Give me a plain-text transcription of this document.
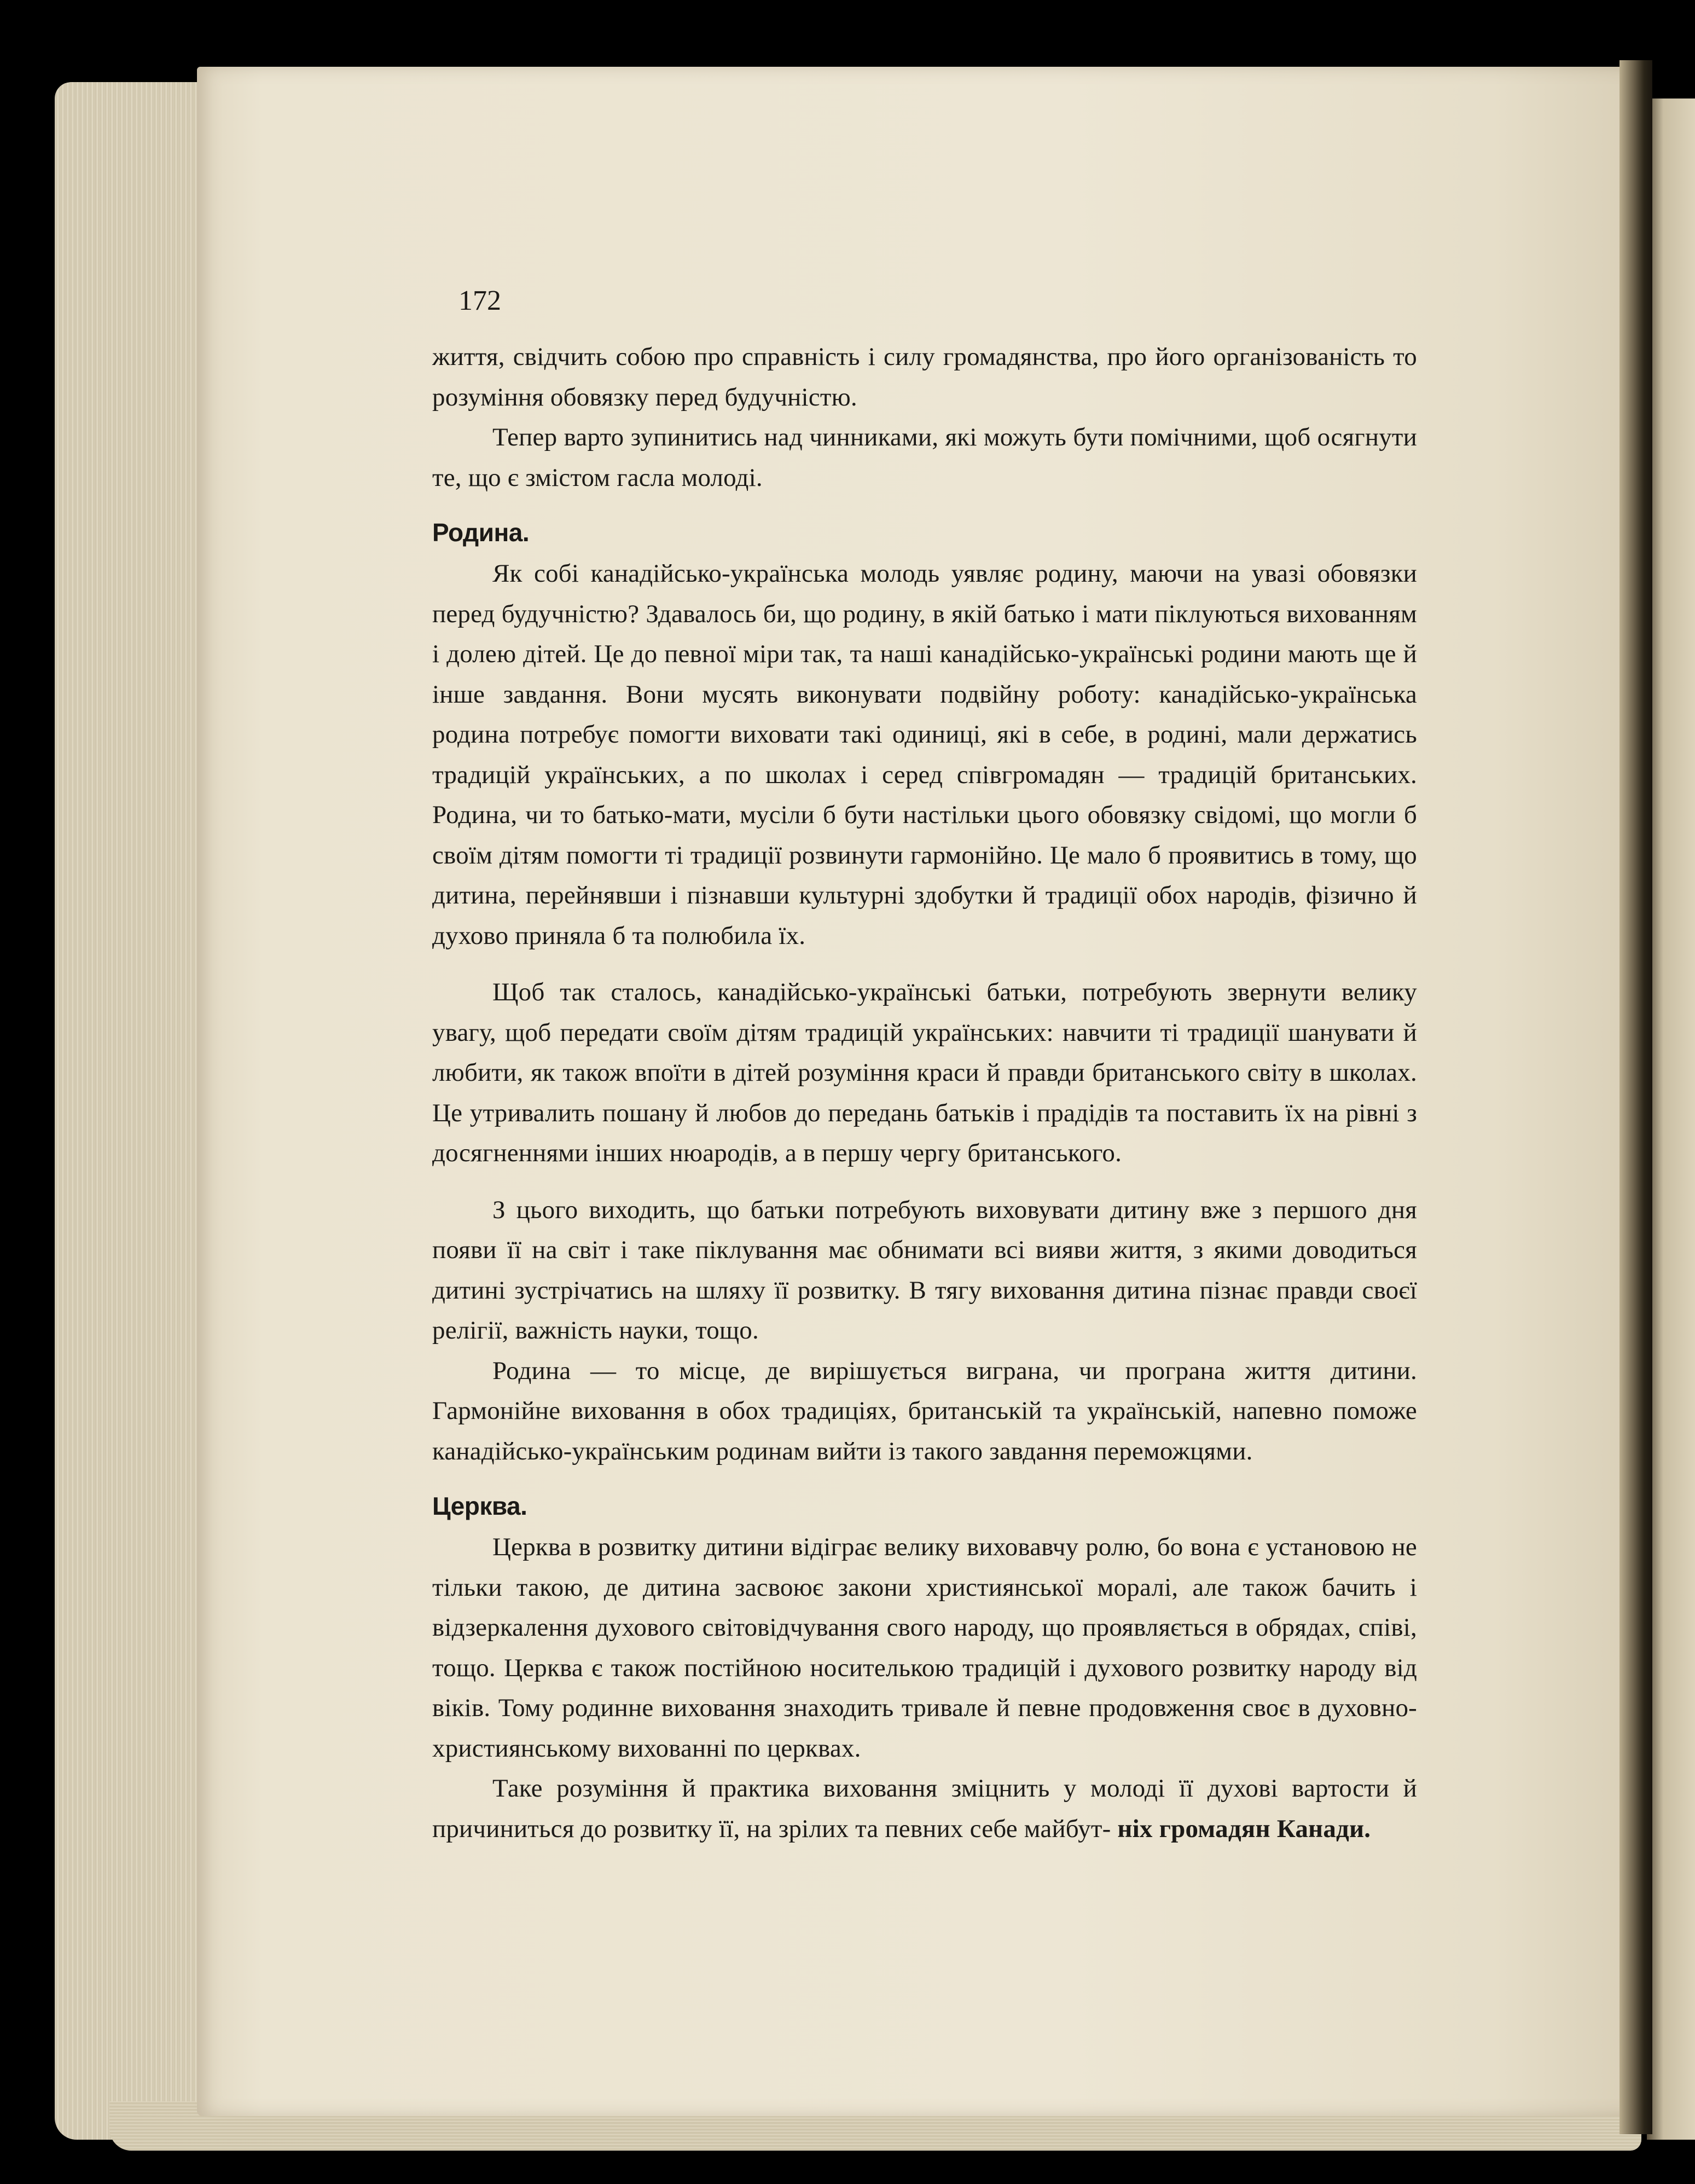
172

життя, свідчить собою про справність і силу громадянства, про його організованість то розуміння обовязку перед будучністю.

Тепер варто зупинитись над чинниками, які можуть бути помічними, щоб осягнути те, що є змістом гасла молоді.

Родина.

Як собі канадійсько-українська молодь уявляє родину, маючи на увазі обовязки перед будучністю? Здавалось би, що родину, в якій батько і мати піклуються вихованням і долею дітей. Це до певної міри так, та наші канадійсько-українські родини мають ще й інше завдання. Вони мусять виконувати подвійну роботу: канадійсько-українська родина потребує помогти виховати такі одиниці, які в себе, в родині, мали держатись традицій українських, а по школах і серед співгромадян — традицій британських. Родина, чи то батько-мати, мусіли б бути настільки цього обовязку свідомі, що могли б своїм дітям помогти ті традиції розвинути гармонійно. Це мало б проявитись в тому, що дитина, перейнявши і пізнавши культурні здобутки й традиції обох народів, фізично й духово приняла б та полюбила їх.

Щоб так сталось, канадійсько-українські батьки, потребують звернути велику увагу, щоб передати своїм дітям традицій українських: навчити ті традиції шанувати й любити, як також впоїти в дітей розуміння краси й правди британського світу в школах. Це утривалить пошану й любов до передань батьків і прадідів та поставить їх на рівні з досягненнями інших нюародів, а в першу чергу британського.

З цього виходить, що батьки потребують виховувати дитину вже з першого дня появи її на світ і таке піклування має обнимати всі вияви життя, з якими доводиться дитині зустрічатись на шляху її розвитку. В тягу виховання дитина пізнає правди своєї релігії, важність науки, тощо.

Родина — то місце, де вирішується вигрaна, чи програна життя дитини. Гармонійне виховання в обох традиціях, британській та українській, напевно поможе канадійсько-українським родинам вийти із такого завдання переможцями.

Церква.

Церква в розвитку дитини відіграє велику виховавчу ролю, бо вона є установою не тільки такою, де дитина засвоює закони християнської моралі, але також бачить і відзеркалення духового світовідчування свого народу, що проявляється в обрядах, співі, тощо. Церква є також постійною носителькою традицій і духового розвитку народу від віків. Тому родинне виховання знаходить тривале й певне продовження своє в духовно-християнському вихованні по церквах.

Таке розуміння й практика виховання зміцнить у молоді її духові вартости й причиниться до розвитку її, на зрілих та певних себе майбут- ніх громадян Канади.
